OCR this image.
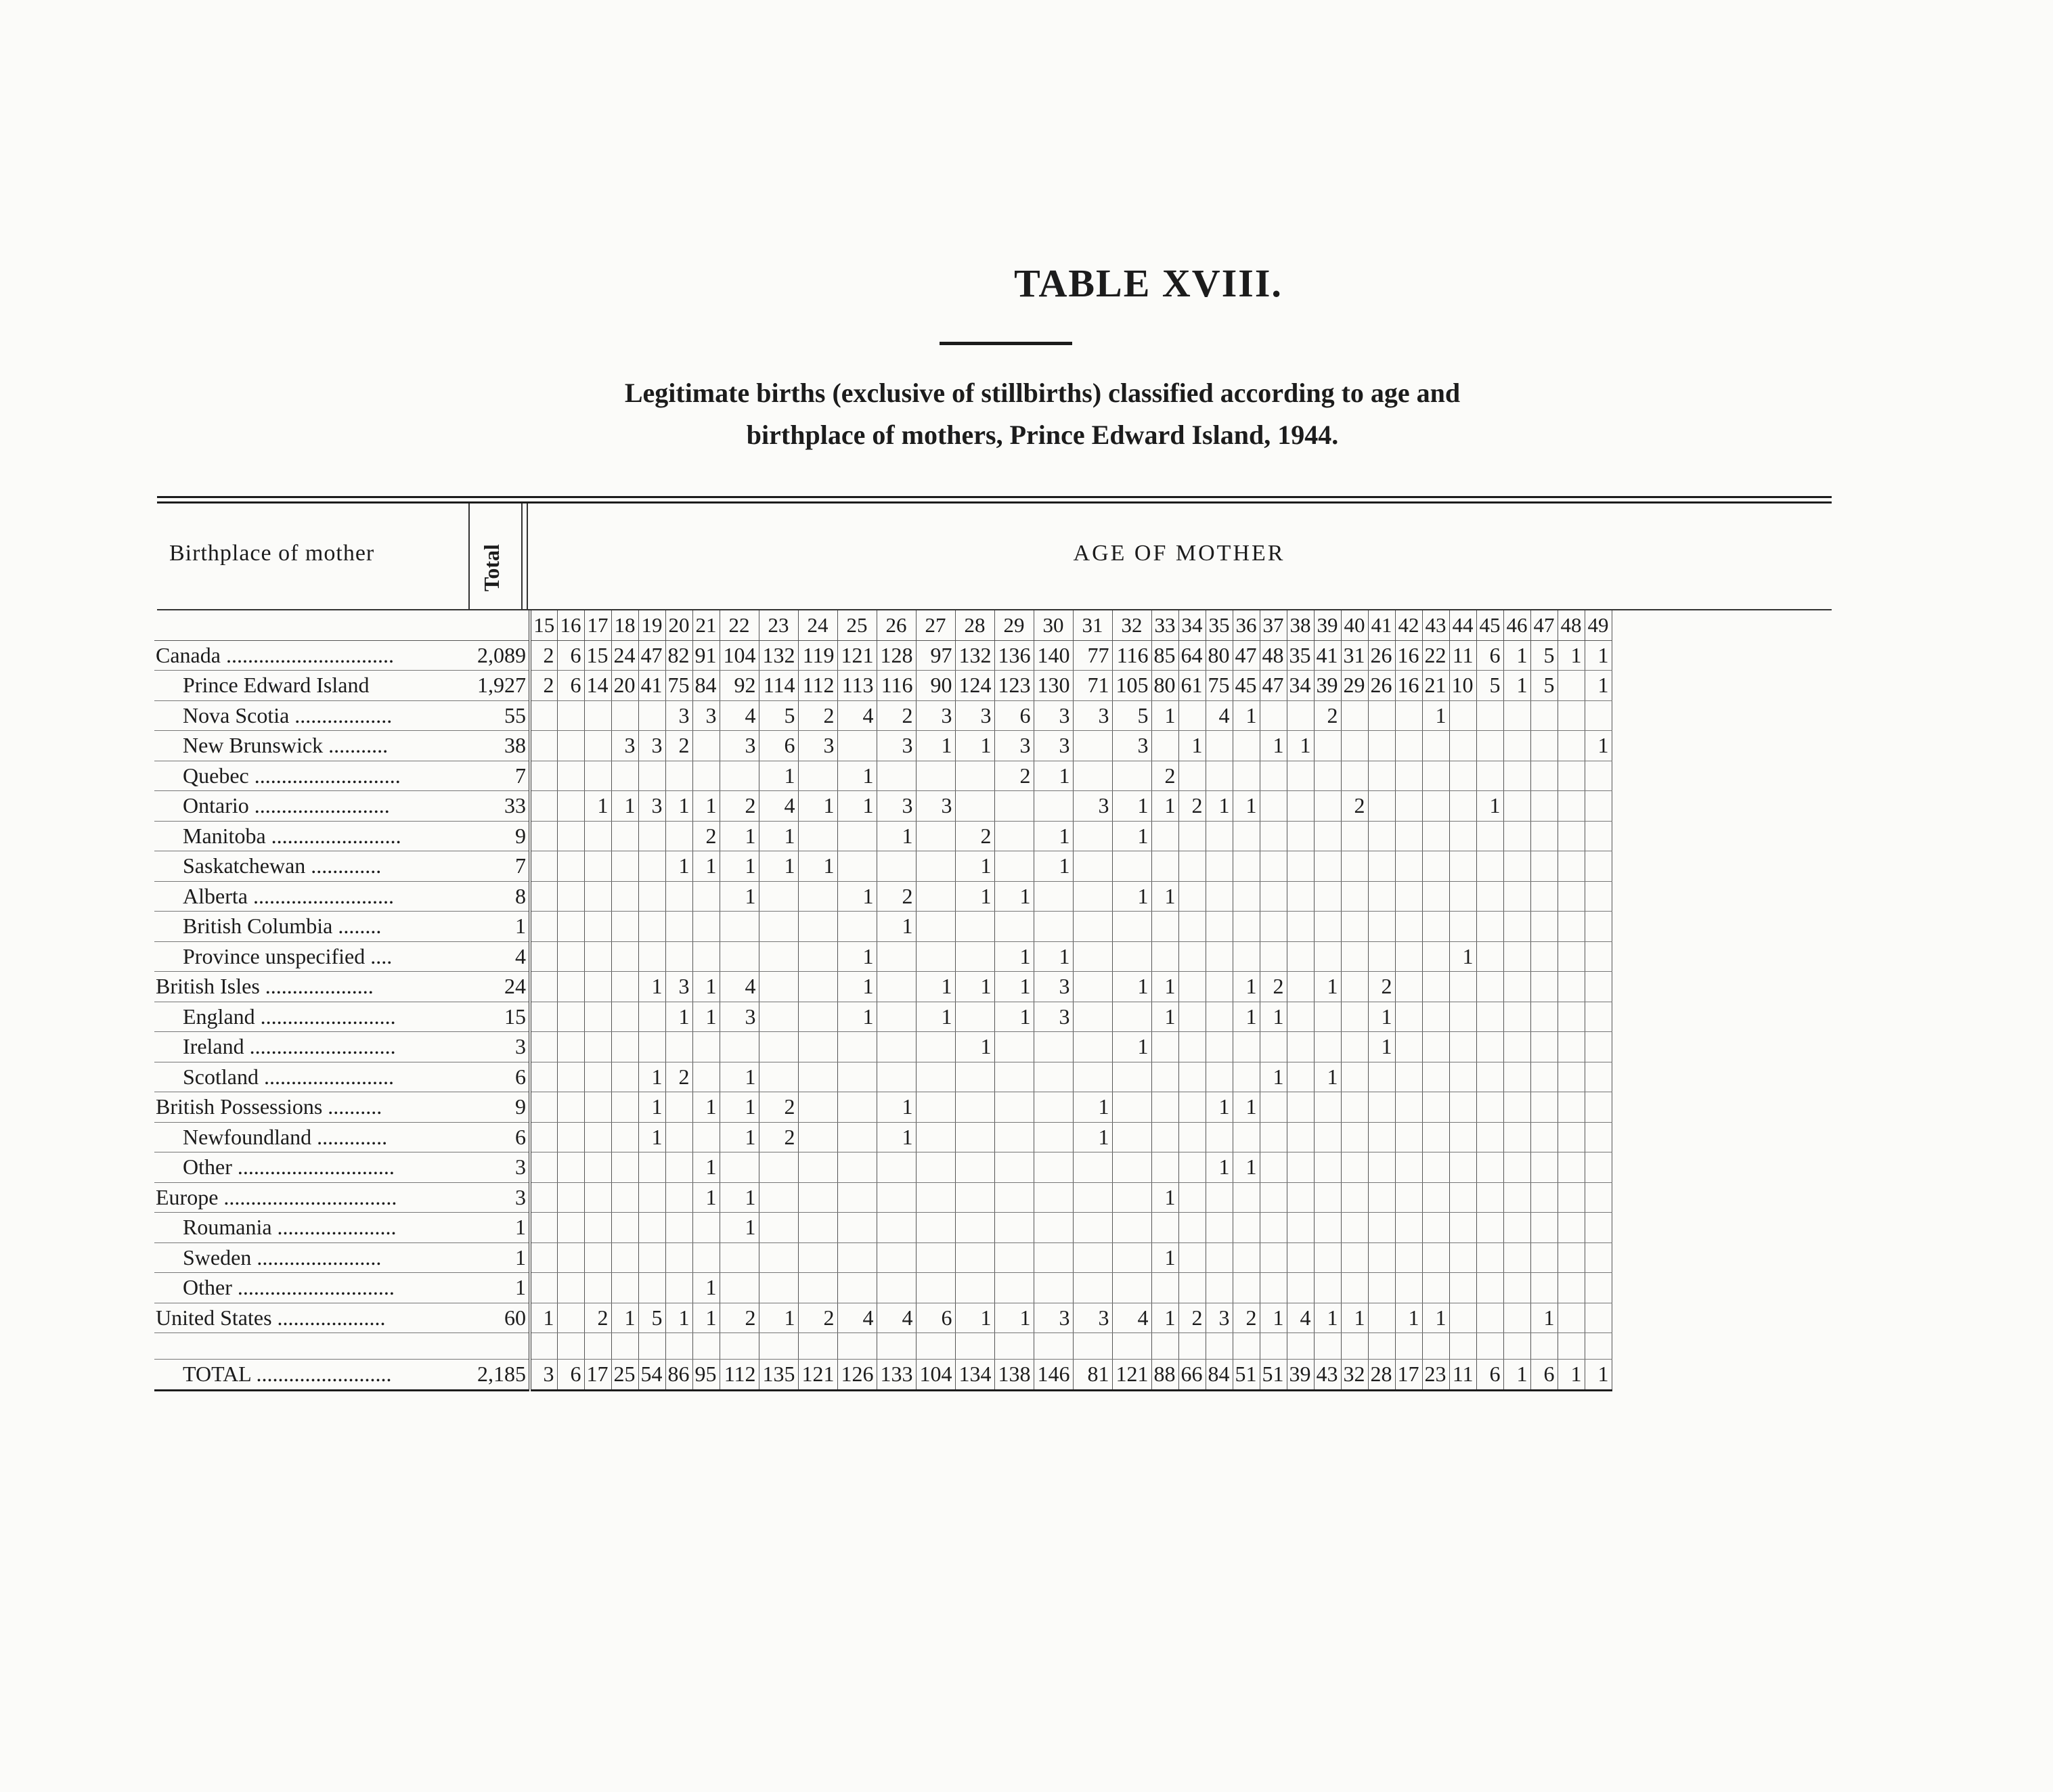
TABLE XVIII.
Legitimate births (exclusive of stillbirths) classified according to age and
birthplace of mothers, Prince Edward Island, 1944.
Birthplace of mother	Total	AGE OF MOTHER
		15	16	17	18	19	20	21	22	23	24	25	26	27	28	29	30	31	32	33	34	35	36	37	38	39	40	41	42	43	44	45	46	47	48	49
Canada ...............................	2,089	2	6	15	24	47	82	91	104	132	119	121	128	97	132	136	140	77	116	85	64	80	47	48	35	41	31	26	16	22	11	6	1	5	1	1
Prince Edward Island	1,927	2	6	14	20	41	75	84	92	114	112	113	116	90	124	123	130	71	105	80	61	75	45	47	34	39	29	26	16	21	10	5	1	5		1
Nova Scotia ..................	55						3	3	4	5	2	4	2	3	3	6	3	3	5	1		4	1			2				1						
New Brunswick ...........	38				3	3	2		3	6	3		3	1	1	3	3		3		1			1	1											1
Quebec ...........................	7									1		1				2	1			2																
Ontario .........................	33			1	1	3	1	1	2	4	1	1	3	3				3	1	1	2	1	1				2					1				
Manitoba ........................	9							2	1	1			1		2		1		1																	
Saskatchewan .............	7						1	1	1	1	1				1		1																			
Alberta ..........................	8								1			1	2		1	1			1	1																
British Columbia ........	1												1																							
Province unspecified ....	4											1				1	1														1					
British Isles ....................	24					1	3	1	4			1		1	1	1	3		1	1			1	2		1		2								
England .........................	15						1	1	3			1		1		1	3			1			1	1				1								
Ireland ...........................	3														1				1									1								
Scotland ........................	6					1	2		1															1		1										
British Possessions ..........	9					1		1	1	2			1					1				1	1													
Newfoundland .............	6					1			1	2			1					1																		
Other .............................	3							1														1	1													
Europe ................................	3							1	1											1																
Roumania ......................	1								1																											
Sweden .......................	1																			1																
Other .............................	1							1																												
United States ....................	60	1		2	1	5	1	1	2	1	2	4	4	6	1	1	3	3	4	1	2	3	2	1	4	1	1		1	1				1		

TOTAL .........................	2,185	3	6	17	25	54	86	95	112	135	121	126	133	104	134	138	146	81	121	88	66	84	51	51	39	43	32	28	17	23	11	6	1	6	1	1
